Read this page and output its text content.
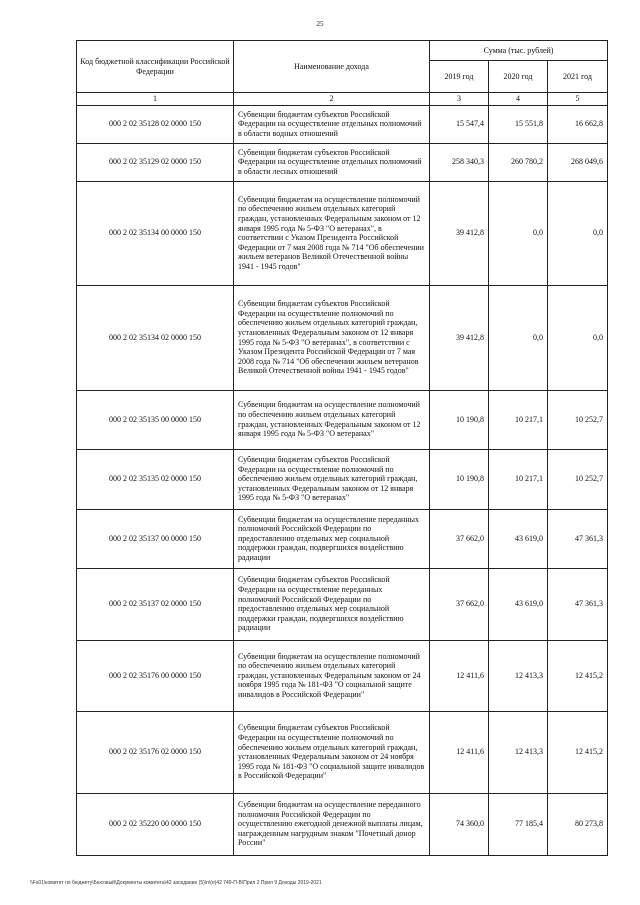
25
Код бюджетной классификации Российской Федерации	Наименование дохода	Сумма (тыс. рублей)		
		2019 год	2020 год	2021 год
1	2	3	4	5
000 2 02 35128 02 0000 150	Субвенции бюджетам субъектов Российской Федерации на осуществление отдельных полномочий в области водных отношений	15 547,4	15 551,8	16 662,8
000 2 02 35129 02 0000 150	Субвенции бюджетам субъектов Российской Федерации на осуществление отдельных полномочий в области лесных отношений	258 340,3	260 780,2	268 049,6
000 2 02 35134 00 0000 150	Субвенции бюджетам на осуществление полномочий по обеспечению жильем отдельных категорий граждан, установленных Федеральным законом от 12 января 1995 года № 5-ФЗ "О ветеранах", в соответствии с Указом Президента Российской Федерации от 7 мая 2008 года № 714 "Об обеспечении жильем ветеранов Великой Отечественной войны 1941 - 1945 годов"	39 412,8	0,0	0,0
000 2 02 35134 02 0000 150	Субвенции бюджетам субъектов Российской Федерации на осуществление полномочий по обеспечению жильем отдельных категорий граждан, установленных Федеральным законом от 12 января 1995 года № 5-ФЗ "О ветеранах", в соответствии с Указом Президента Российской Федерации от 7 мая 2008 года № 714 "Об обеспечении жильем ветеранов Великой Отечественной войны 1941 - 1945 годов"	39 412,8	0,0	0,0
000 2 02 35135 00 0000 150	Субвенции бюджетам на осуществление полномочий по обеспечению жильем отдельных категорий граждан, установленных Федеральным законом от 12 января 1995 года № 5-ФЗ "О ветеранах"	10 190,8	10 217,1	10 252,7
000 2 02 35135 02 0000 150	Субвенции бюджетам субъектов Российской Федерации на осуществление полномочий по обеспечению жильем отдельных категорий граждан, установленных Федеральным законом от 12 января 1995 года № 5-ФЗ "О ветеранах"	10 190,8	10 217,1	10 252,7
000 2 02 35137 00 0000 150	Субвенции бюджетам на осуществление переданных полномочий Российской Федерации по предоставлению отдельных мер социальной поддержки граждан, подвергшихся воздействию радиации	37 662,0	43 619,0	47 361,3
000 2 02 35137 02 0000 150	Субвенции бюджетам субъектов Российской Федерации на осуществление переданных полномочий Российской Федерации по предоставлению отдельных мер социальной поддержки граждан, подвергшихся воздействию радиации	37 662,0	43 619,0	47 361,3
000 2 02 35176 00 0000 150	Субвенции бюджетам на осуществление полномочий по обеспечению жильем отдельных категорий граждан, установленных Федеральным законом от 24 ноября 1995 года № 181-ФЗ "О социальной защите инвалидов в Российской Федерации"	12 411,6	12 413,3	12 415,2
000 2 02 35176 02 0000 150	Субвенции бюджетам субъектов Российской Федерации на осуществление полномочий по обеспечению жильем отдельных категорий граждан, установленных Федеральным законом от 24 ноября 1995 года № 181-ФЗ "О социальной защите инвалидов в Российской Федерации"	12 411,6	12 413,3	12 415,2
000 2 02 35220 00 0000 150	Субвенции бюджетам на осуществление переданного полномочия Российской Федерации по осуществлению ежегодной денежной выплаты лицам, награжденным нагрудным знаком "Почетный донор России"	74 360,0	77 185,4	80 273,8
\\Fs01\комитет по бюджету\Бюсовый\Документы комитета\42 заседание (5)\п\(п)42 749-П-В\Прил 2 Прил 9 Доходы 2019-2021
